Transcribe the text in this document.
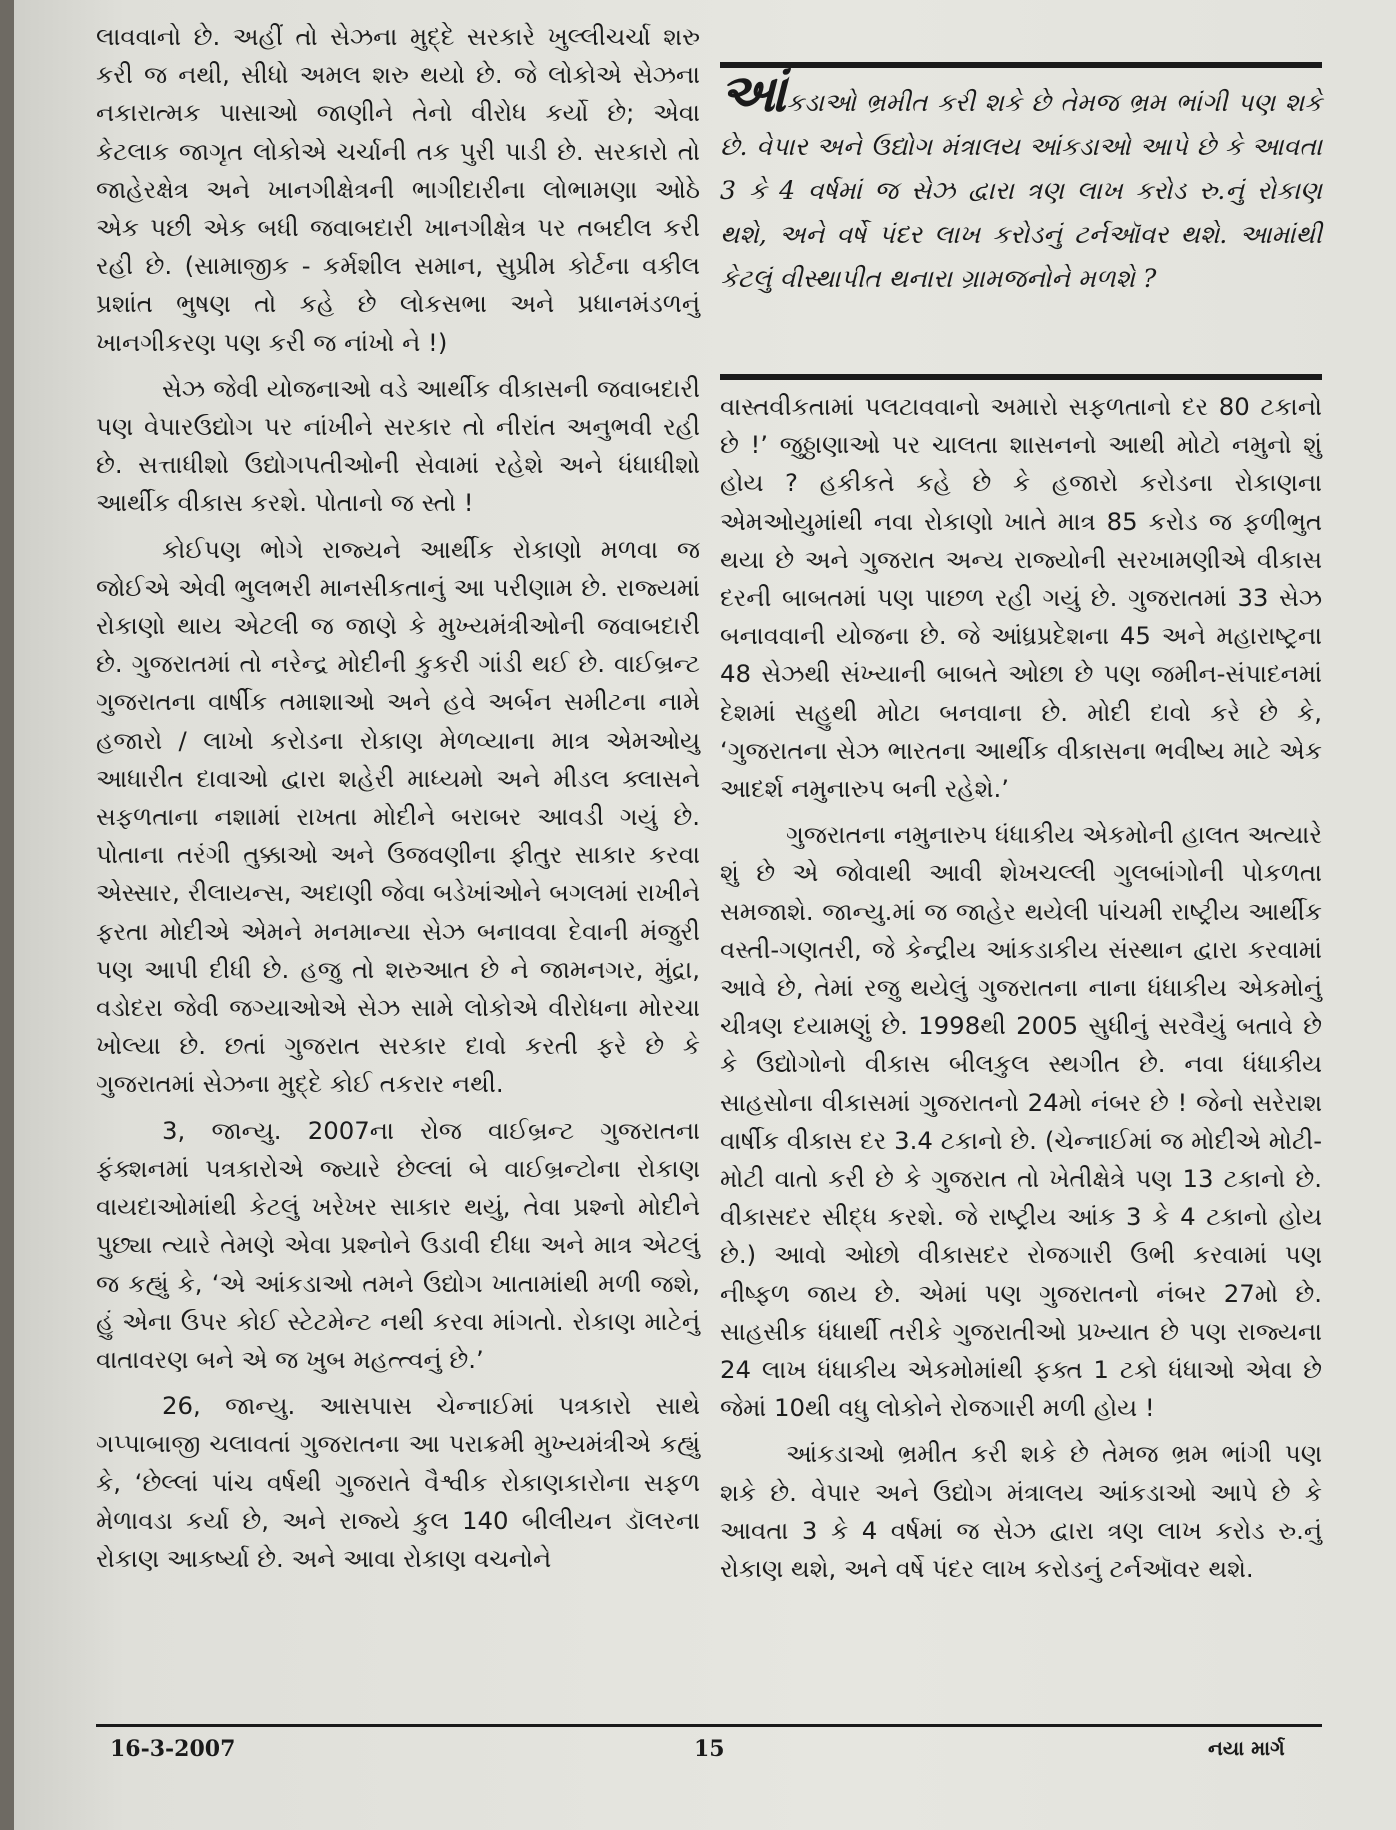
લાવવાનો છે. અહીં તો સેઝના મુદ્દે સરકારે ખુલ્લીચર્ચા શરુ કરી જ નથી, સીધો અમલ શરુ થયો છે. જે લોકોએ સેઝના નકારાત્મક પાસાઓ જાણીને તેનો વીરોધ કર્યો છે; એવા કેટલાક જાગૃત લોકોએ ચર્ચાની તક પુરી પાડી છે. સરકારો તો જાહેરક્ષેત્ર અને ખાનગીક્ષેત્રની ભાગીદારીના લોભામણા ઓઠે એક પછી એક બધી જવાબદારી ખાનગીક્ષેત્ર પર તબદીલ કરી રહી છે. (સામાજીક - કર્મશીલ સમાન, સુપ્રીમ કોર્ટના વકીલ પ્રશાંત ભુષણ તો કહે છે લોકસભા અને પ્રધાનમંડળનું ખાનગીકરણ પણ કરી જ નાંખો ને !)

સેઝ જેવી યોજનાઓ વડે આર્થીક વીકાસની જવાબદારી પણ વેપારઉદ્યોગ પર નાંખીને સરકાર તો નીરાંત અનુભવી રહી છે. સત્તાધીશો ઉદ્યોગપતીઓની સેવામાં રહેશે અને ધંધાધીશો આર્થીક વીકાસ કરશે. પોતાનો જ સ્તો !

કોઈપણ ભોગે રાજ્યને આર્થીક રોકાણો મળવા જ જોઈએ એવી ભુલભરી માનસીકતાનું આ પરીણામ છે. રાજ્યમાં રોકાણો થાય એટલી જ જાણે કે મુખ્યમંત્રીઓની જવાબદારી છે. ગુજરાતમાં તો નરેન્દ્ર મોદીની કુકરી ગાંડી થઈ છે. વાઈબ્રન્ટ ગુજરાતના વાર્ષીક તમાશાઓ અને હવે અર્બન સમીટના નામે હજારો / લાખો કરોડના રોકાણ મેળવ્યાના માત્ર એમઓયુ આધારીત દાવાઓ દ્વારા શહેરી માધ્યમો અને મીડલ ક્લાસને સફળતાના નશામાં રાખતા મોદીને બરાબર આવડી ગયું છે. પોતાના તરંગી તુક્કાઓ અને ઉજવણીના ફીતુર સાકાર કરવા એસ્સાર, રીલાયન્સ, અદાણી જેવા બડેખાંઓને બગલમાં રાખીને ફરતા મોદીએ એમને મનમાન્યા સેઝ બનાવવા દેવાની મંજુરી પણ આપી દીધી છે. હજુ તો શરુઆત છે ને જામનગર, મુંદ્રા, વડોદરા જેવી જગ્યાઓએ સેઝ સામે લોકોએ વીરોધના મોરચા ખોલ્યા છે. છતાં ગુજરાત સરકાર દાવો કરતી ફરે છે કે ગુજરાતમાં સેઝના મુદ્દે કોઈ તકરાર નથી.

3, જાન્યુ. 2007ના રોજ વાઈબ્રન્ટ ગુજરાતના ફંક્શનમાં પત્રકારોએ જ્યારે છેલ્લાં બે વાઈબ્રન્ટોના રોકાણ વાયદાઓમાંથી કેટલું ખરેખર સાકાર થયું, તેવા પ્રશ્નો મોદીને પુછ્યા ત્યારે તેમણે એવા પ્રશ્નોને ઉડાવી દીધા અને માત્ર એટલું જ કહ્યું કે, ‘એ આંકડાઓ તમને ઉદ્યોગ ખાતામાંથી મળી જશે, હું એના ઉપર કોઈ સ્ટેટમેન્ટ નથી કરવા માંગતો. રોકાણ માટેનું વાતાવરણ બને એ જ ખુબ મહત્ત્વનું છે.’

26, જાન્યુ. આસપાસ ચેન્નાઈમાં પત્રકારો સાથે ગપ્પાબાજી ચલાવતાં ગુજરાતના આ પરાક્રમી મુખ્યમંત્રીએ કહ્યું કે, ‘છેલ્લાં પાંચ વર્ષથી ગુજરાતે વૈશ્વીક રોકાણકારોના સફળ મેળાવડા કર્યા છે, અને રાજ્યે કુલ 140 બીલીયન ડૉલરના રોકાણ આકર્ષ્યા છે. અને આવા રોકાણ વચનોને

આંકડાઓ ભ્રમીત કરી શકે છે તેમજ ભ્રમ ભાંગી પણ શકે છે. વેપાર અને ઉદ્યોગ મંત્રાલય આંકડાઓ આપે છે કે આવતા 3 કે 4 વર્ષમાં જ સેઝ દ્વારા ત્રણ લાખ કરોડ રુ.નું રોકાણ થશે, અને વર્ષે પંદર લાખ કરોડનું ટર્નઑવર થશે. આમાંથી કેટલું વીસ્થાપીત થનારા ગ્રામજનોને મળશે ?

વાસ્તવીકતામાં પલટાવવાનો અમારો સફળતાનો દર 80 ટકાનો છે !’ જુઠ્ઠાણાઓ પર ચાલતા શાસનનો આથી મોટો નમુનો શું હોય ? હકીકતે કહે છે કે હજારો કરોડના રોકાણના એમઓયુમાંથી નવા રોકાણો ખાતે માત્ર 85 કરોડ જ ફળીભુત થયા છે અને ગુજરાત અન્ય રાજ્યોની સરખામણીએ વીકાસ દરની બાબતમાં પણ પાછળ રહી ગયું છે. ગુજરાતમાં 33 સેઝ બનાવવાની યોજના છે. જે આંધ્રપ્રદેશના 45 અને મહારાષ્ટ્રના 48 સેઝથી સંખ્યાની બાબતે ઓછા છે પણ જમીન-સંપાદનમાં દેશમાં સહુથી મોટા બનવાના છે. મોદી દાવો કરે છે કે, ‘ગુજરાતના સેઝ ભારતના આર્થીક વીકાસના ભવીષ્ય માટે એક આદર્શ નમુનારુપ બની રહેશે.’

ગુજરાતના નમુનારુપ ધંધાકીય એકમોની હાલત અત્યારે શું છે એ જોવાથી આવી શેખચલ્લી ગુલબાંગોની પોકળતા સમજાશે. જાન્યુ.માં જ જાહેર થયેલી પાંચમી રાષ્ટ્રીય આર્થીક વસ્તી-ગણતરી, જે કેન્દ્રીય આંકડાકીય સંસ્થાન દ્વારા કરવામાં આવે છે, તેમાં રજુ થયેલું ગુજરાતના નાના ધંધાકીય એકમોનું ચીત્રણ દયામણું છે. 1998થી 2005 સુધીનું સરવૈયું બતાવે છે કે ઉદ્યોગોનો વીકાસ બીલકુલ સ્થગીત છે. નવા ધંધાકીય સાહસોના વીકાસમાં ગુજરાતનો 24મો નંબર છે ! જેનો સરેરાશ વાર્ષીક વીકાસ દર 3.4 ટકાનો છે. (ચેન્નાઈમાં જ મોદીએ મોટી-મોટી વાતો કરી છે કે ગુજરાત તો ખેતીક્ષેત્રે પણ 13 ટકાનો છે. વીકાસદર સીદ્ધ કરશે. જે રાષ્ટ્રીય આંક 3 કે 4 ટકાનો હોય છે.) આવો ઓછો વીકાસદર રોજગારી ઉભી કરવામાં પણ નીષ્ફળ જાય છે. એમાં પણ ગુજરાતનો નંબર 27મો છે. સાહસીક ધંધાર્થી તરીકે ગુજરાતીઓ પ્રખ્યાત છે પણ રાજ્યના 24 લાખ ધંધાકીય એકમોમાંથી ફક્ત 1 ટકો ધંધાઓ એવા છે જેમાં 10થી વધુ લોકોને રોજગારી મળી હોય !

આંકડાઓ ભ્રમીત કરી શકે છે તેમજ ભ્રમ ભાંગી પણ શકે છે. વેપાર અને ઉદ્યોગ મંત્રાલય આંકડાઓ આપે છે કે આવતા 3 કે 4 વર્ષમાં જ સેઝ દ્વારા ત્રણ લાખ કરોડ રુ.નું રોકાણ થશે, અને વર્ષે પંદર લાખ કરોડનું ટર્નઑવર થશે.

16-3-2007	15	નયા માર્ગ
